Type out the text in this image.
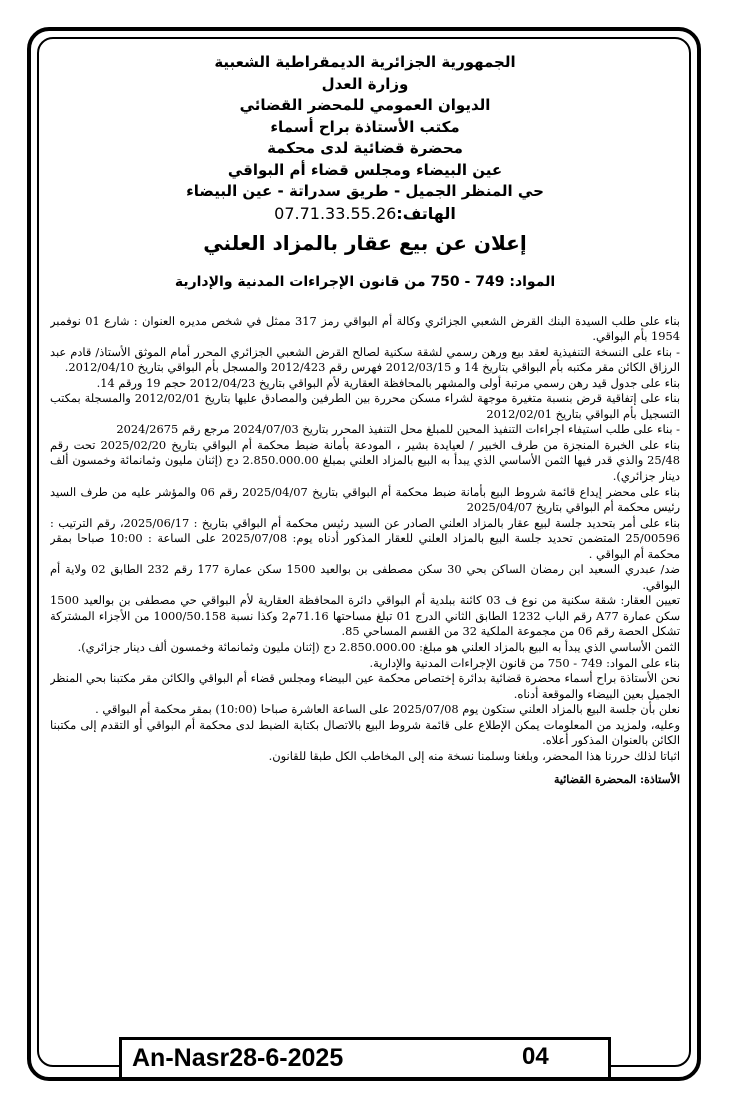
الجمهورية الجزائرية الديمقراطية الشعبية
وزارة العدل
الديوان العمومي للمحضر القضائي
مكتب الأستاذة براح أسماء
محضرة قضائية لدى محكمة
عين البيضاء ومجلس قضاء أم البواقي
حي المنظر الجميل - طريق سدراتة - عين البيضاء
الهاتف:07.71.33.55.26
إعلان عن بيع عقار بالمزاد العلني
المواد: 749 - 750 من قانون الإجراءات المدنية والإدارية

بناء على طلب السيدة البنك القرض الشعبي الجزائري وكالة أم البواقي رمز 317 ممثل في شخص مديره العنوان : شارع 01 نوفمبر 1954 بأم البواقي.

- بناء على النسخة التنفيذية لعقد بيع ورهن رسمي لشقة سكنية لصالح القرض الشعبي الجزائري المحرر أمام الموثق الأستاذ/ قادم عبد الرزاق الكائن مقر مكتبه بأم البواقي بتاريخ 14 و 2012/03/15 فهرس رقم 2012/423 والمسجل بأم البواقي بتاريخ 2012/04/10.

بناء على جدول قيد رهن رسمي مرتبة أولى والمشهر بالمحافظة العقارية لأم البواقي بتاريخ 2012/04/23 حجم 19 ورقم 14.

بناء على إتفاقية قرض بنسبة متغيرة موجهة لشراء مسكن محررة بين الطرفين والمصادق عليها بتاريخ 2012/02/01 والمسجلة بمكتب التسجيل بأم البواقي بتاريخ 2012/02/01

- بناء على طلب استيفاء اجراءات التنفيذ المحين للمبلغ محل التنفيذ المحرر بتاريخ 2024/07/03 مرجع رقم 2024/2675

بناء على الخبرة المنجزة من طرف الخبير / لعيايدة بشير ، المودعة بأمانة ضبط محكمة أم البواقي بتاريخ 2025/02/20 تحت رقم 25/48 والذي قدر فيها الثمن الأساسي الذي يبدأ به البيع بالمزاد العلني بمبلغ 2.850.000.00 دج (إثنان مليون وثمانمائة وخمسون ألف دينار جزائري).

بناء على محضر إيداع قائمة شروط البيع بأمانة ضبط محكمة أم البواقي بتاريخ 2025/04/07 رقم 06 والمؤشر عليه من طرف السيد رئيس محكمة أم البواقي بتاريخ 2025/04/07

بناء على أمر بتحديد جلسة لبيع عقار بالمزاد العلني الصادر عن السيد رئيس محكمة أم البواقي بتاريخ : 2025/06/17، رقم الترتيب : 25/00596 المتضمن تحديد جلسة البيع بالمزاد العلني للعقار المذكور أدناه يوم: 2025/07/08 على الساعة : 10:00 صباحا بمقر محكمة أم البواقي .

ضد/ عبدري السعيد ابن رمضان الساكن بحي 30 سكن مصطفى بن بوالعيد 1500 سكن عمارة 177 رقم 232 الطابق 02 ولاية أم البواقي.

تعيين العقار: شقة سكنية من نوع ف 03 كائنة ببلدية أم البواقي دائرة المحافظة العقارية لأم البواقي حي مصطفى بن بوالعيد 1500 سكن عمارة A77 رقم الباب 1232 الطابق الثاني الدرج 01 تبلغ مساحتها 71.16م2 وكذا نسبة 1000/50.158 من الأجزاء المشتركة تشكل الحصة رقم 06 من مجموعة الملكية 32 من القسم المساحي 85.

الثمن الأساسي الذي يبدأ به البيع بالمزاد العلني هو مبلغ: 2.850.000.00 دج (إثنان مليون وثمانمائة وخمسون ألف دينار جزائري).

بناء على المواد: 749 - 750 من قانون الإجراءات المدنية والإدارية.

نحن الأستاذة براح أسماء محضرة قضائية بدائرة إختصاص محكمة عين البيضاء ومجلس قضاء أم البواقي والكائن مقر مكتبنا بحي المنظر الجميل بعين البيضاء والموقعة أدناه.

نعلن بأن جلسة البيع بالمزاد العلني ستكون يوم 2025/07/08 على الساعة العاشرة صباحا (10:00) بمقر محكمة أم البواقي .

وعليه، ولمزيد من المعلومات يمكن الإطلاع على قائمة شروط البيع بالاتصال بكتابة الضبط لدى محكمة أم البواقي أو التقدم إلى مكتبنا الكائن بالعنوان المذكور أعلاه.

اثباتا لذلك حررنا هذا المحضر، وبلغنا وسلمنا نسخة منه إلى المخاطب الكل طبقا للقانون.

الأستاذة: المحضرة القضائية
An-Nasr28-6-2025	04
